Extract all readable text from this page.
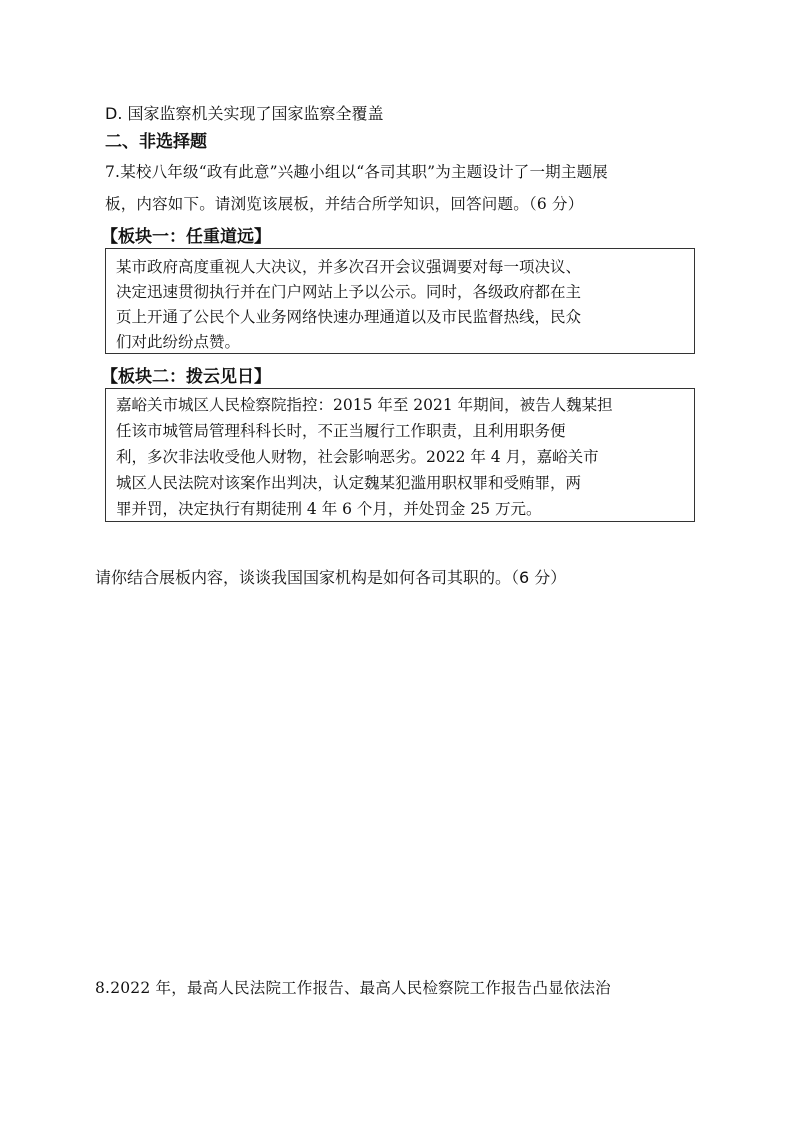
D. 国家监察机关实现了国家监察全覆盖
二、非选择题
7.某校八年级“政有此意”兴趣小组以“各司其职”为主题设计了一期主题展
板，内容如下。请浏览该展板，并结合所学知识，回答问题。（6 分）
【板块一：任重道远】
某市政府高度重视人大决议，并多次召开会议强调要对每一项决议、
决定迅速贯彻执行并在门户网站上予以公示。同时，各级政府都在主
页上开通了公民个人业务网络快速办理通道以及市民监督热线，民众
们对此纷纷点赞。
【板块二：拨云见日】
嘉峪关市城区人民检察院指控：2015 年至 2021 年期间，被告人魏某担
任该市城管局管理科科长时，不正当履行工作职责，且利用职务便
利，多次非法收受他人财物，社会影响恶劣。2022 年 4 月，嘉峪关市
城区人民法院对该案作出判决，认定魏某犯滥用职权罪和受贿罪，两
罪并罚，决定执行有期徒刑 4 年 6 个月，并处罚金 25 万元。
请你结合展板内容，谈谈我国国家机构是如何各司其职的。（6 分）
8.2022 年，最高人民法院工作报告、最高人民检察院工作报告凸显依法治
